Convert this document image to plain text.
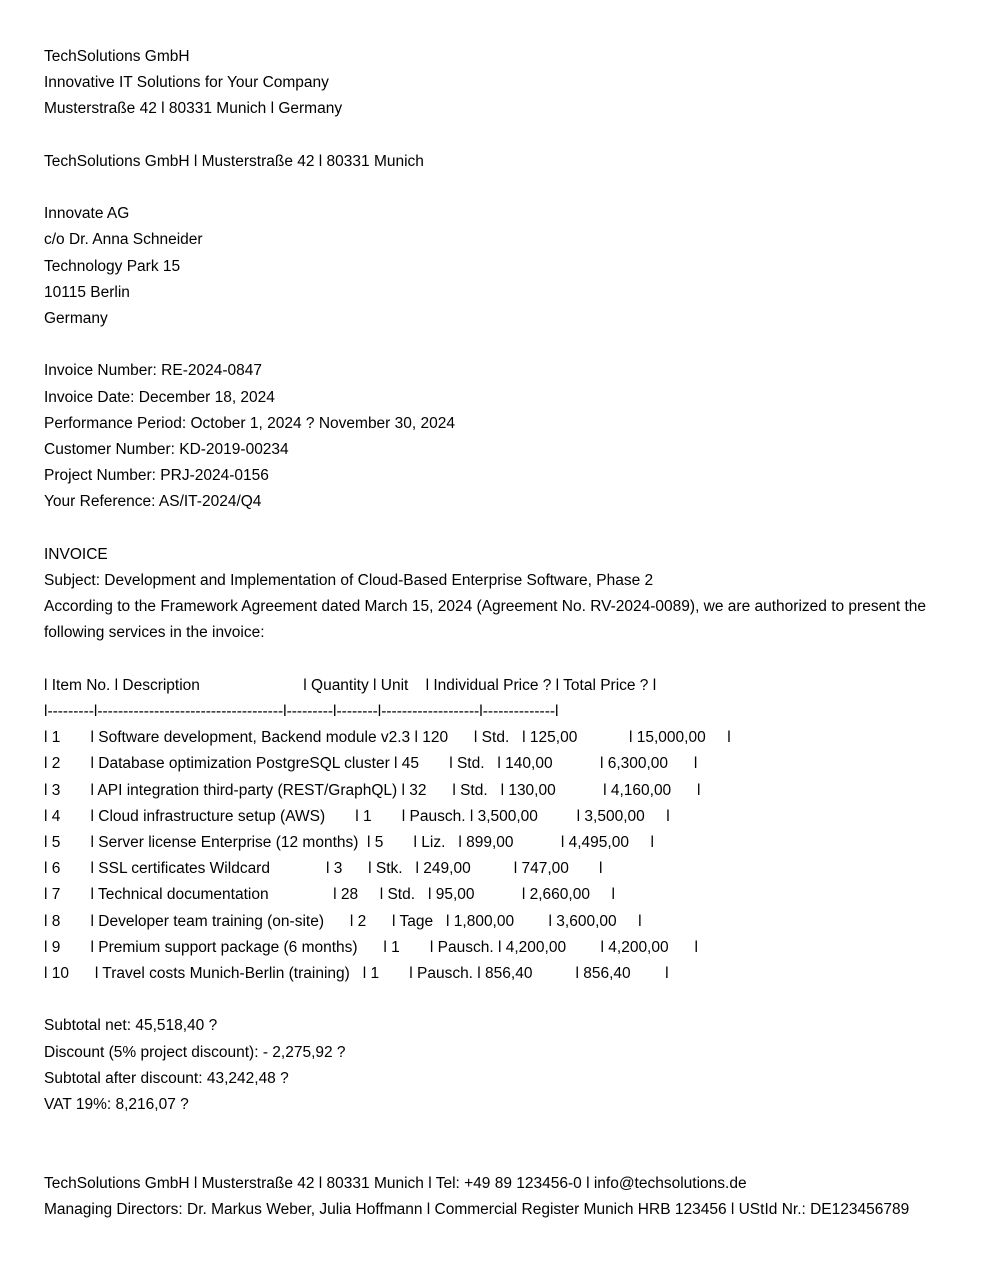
TechSolutions GmbH
Innovative IT Solutions for Your Company
Musterstraße 42 l 80331 Munich l Germany
TechSolutions GmbH l Musterstraße 42 l 80331 Munich
Innovate AG
c/o Dr. Anna Schneider
Technology Park 15
10115 Berlin
Germany
Invoice Number: RE-2024-0847
Invoice Date: December 18, 2024
Performance Period: October 1, 2024 ? November 30, 2024
Customer Number: KD-2019-00234
Project Number: PRJ-2024-0156
Your Reference: AS/IT-2024/Q4
INVOICE
Subject: Development and Implementation of Cloud-Based Enterprise Software, Phase 2
According to the Framework Agreement dated March 15, 2024 (Agreement No. RV-2024-0089), we are authorized to present the following services in the invoice:
l Item No. l Description                        l Quantity l Unit    l Individual Price ? l Total Price ? l
l---------l------------------------------------l---------l--------l-------------------l--------------l
l 1       l Software development, Backend module v2.3 l 120      l Std.   l 125,00            l 15,000,00     l
l 2       l Database optimization PostgreSQL cluster l 45       l Std.   l 140,00           l 6,300,00      l
l 3       l API integration third-party (REST/GraphQL) l 32      l Std.   l 130,00           l 4,160,00      l
l 4       l Cloud infrastructure setup (AWS)       l 1       l Pausch. l 3,500,00         l 3,500,00     l
l 5       l Server license Enterprise (12 months)  l 5       l Liz.   l 899,00           l 4,495,00     l
l 6       l SSL certificates Wildcard             l 3      l Stk.   l 249,00          l 747,00       l
l 7       l Technical documentation               l 28     l Std.   l 95,00           l 2,660,00     l
l 8       l Developer team training (on-site)      l 2      l Tage   l 1,800,00        l 3,600,00     l
l 9       l Premium support package (6 months)      l 1       l Pausch. l 4,200,00        l 4,200,00      l
l 10      l Travel costs Munich-Berlin (training)   l 1       l Pausch. l 856,40          l 856,40        l
Subtotal net: 45,518,40 ?
Discount (5% project discount): - 2,275,92 ?
Subtotal after discount: 43,242,48 ?
VAT 19%: 8,216,07 ?
TechSolutions GmbH l Musterstraße 42 l 80331 Munich l Tel: +49 89 123456-0 l info@techsolutions.de
Managing Directors: Dr. Markus Weber, Julia Hoffmann l Commercial Register Munich HRB 123456 l UStId Nr.: DE123456789
